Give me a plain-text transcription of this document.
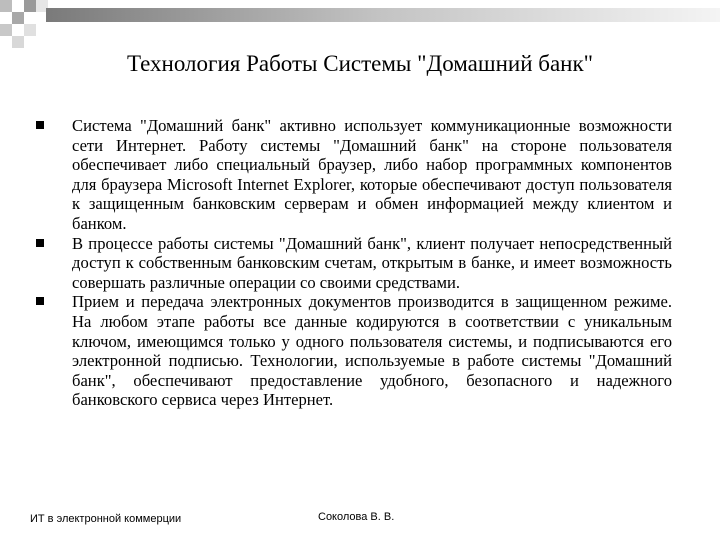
Технология Работы Системы "Домашний банк"
Система "Домашний банк" активно использует коммуникационные возможности сети Интернет. Работу системы "Домашний банк" на стороне пользователя обеспечивает либо специальный браузер, либо набор программных компонентов для браузера Microsoft Internet Explorer, которые обеспечивают доступ пользователя к защищенным банковским серверам и обмен информацией между клиентом и банком.
В процессе работы системы "Домашний банк", клиент получает непосредственный доступ к собственным банковским счетам, открытым в банке, и имеет возможность совершать различные операции со своими средствами.
Прием и передача электронных документов производится в защищенном режиме. На любом этапе работы все данные кодируются в соответствии с уникальным ключом, имеющимся только у одного пользователя системы, и подписываются его электронной подписью. Технологии, используемые в работе системы "Домашний банк", обеспечивают предоставление удобного, безопасного и надежного банковского сервиса через Интернет.
ИТ в электронной коммерции	Соколова В. В.
